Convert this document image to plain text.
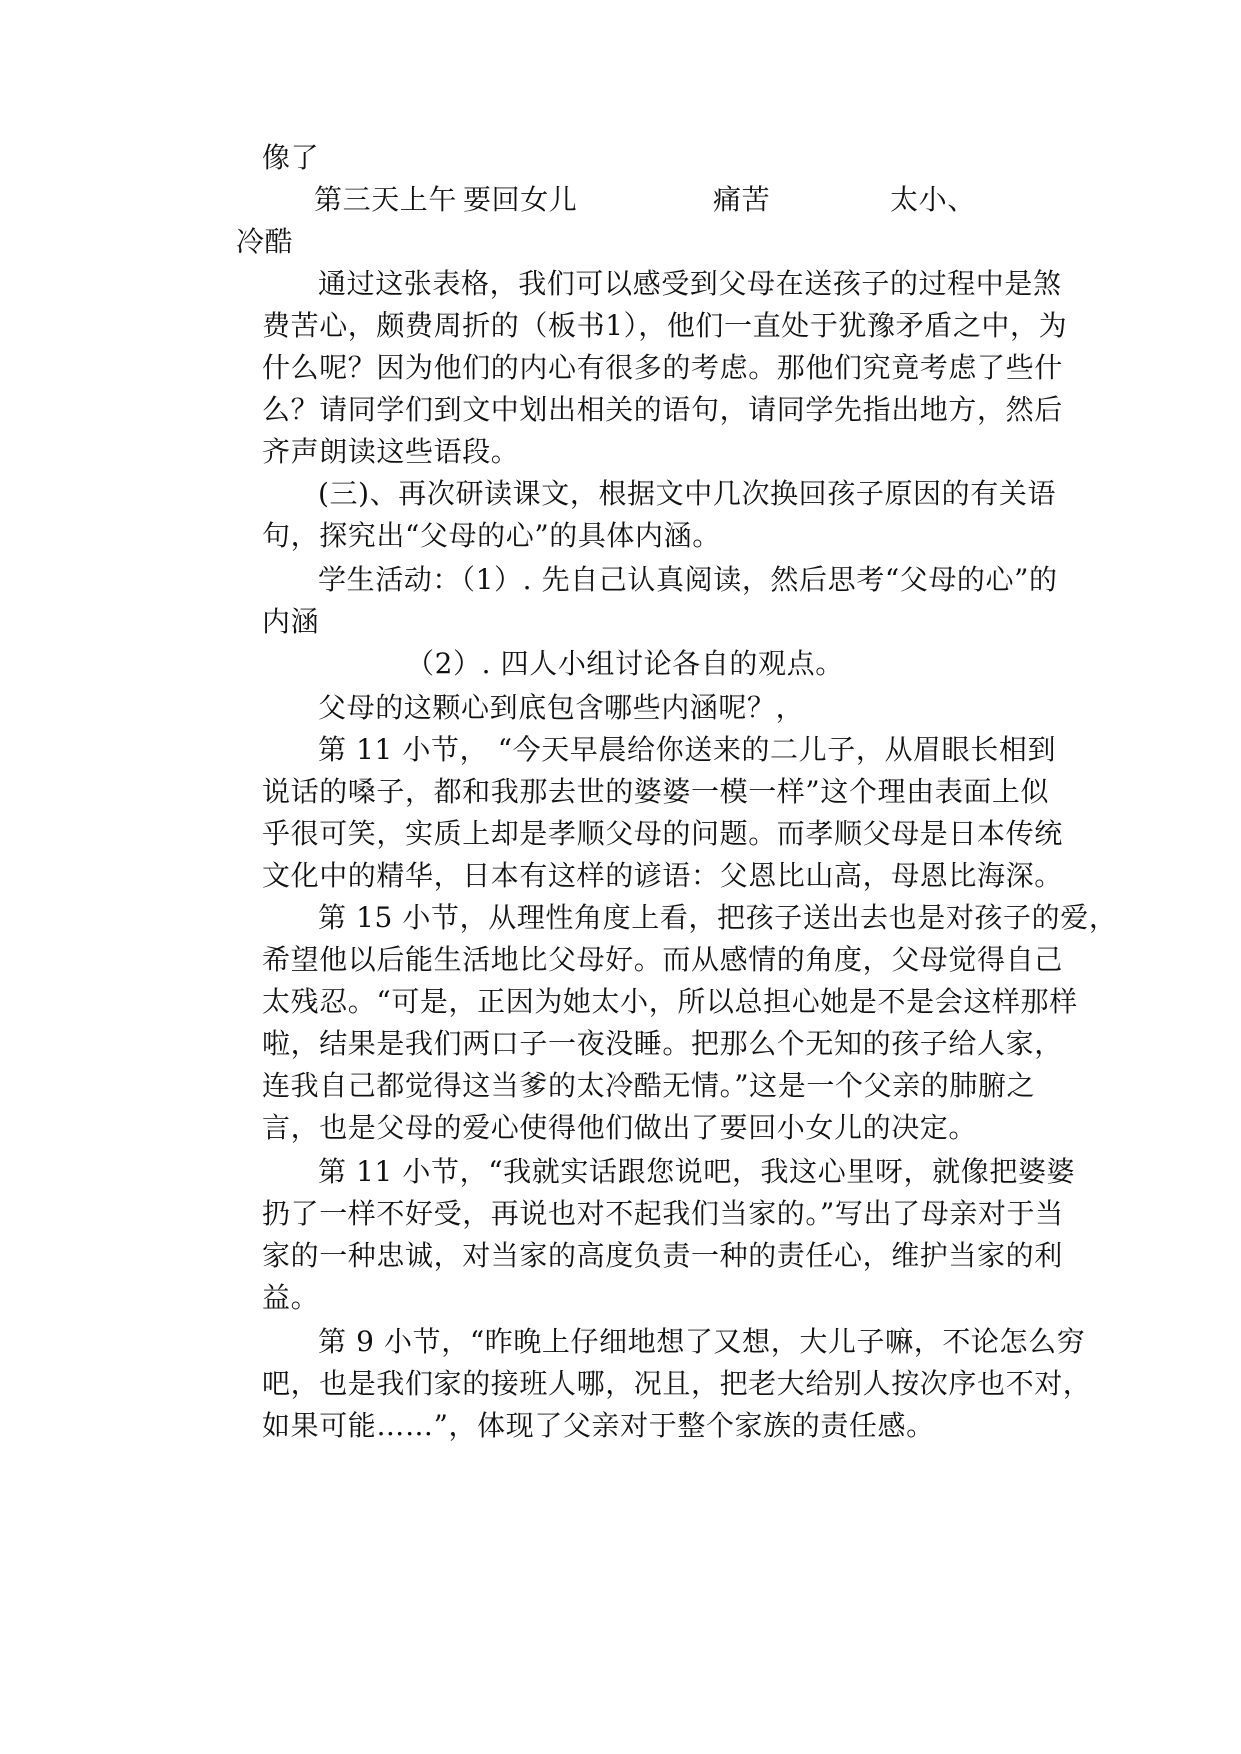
像了
第三天上午 要回女儿	痛苦	太小、
冷酷
通过这张表格，我们可以感受到父母在送孩子的过程中是煞
费苦心，颇费周折的（板书1），他们一直处于犹豫矛盾之中，为
什么呢？因为他们的内心有很多的考虑。那他们究竟考虑了些什
么？请同学们到文中划出相关的语句，请同学先指出地方，然后
齐声朗读这些语段。
(三)、再次研读课文，根据文中几次换回孩子原因的有关语
句，探究出“父母的心”的具体内涵。
学生活动：（1）. 先自己认真阅读，然后思考“父母的心”的
内涵
（2）. 四人小组讨论各自的观点。
父母的这颗心到底包含哪些内涵呢？，
第 11 小节， “今天早晨给你送来的二儿子，从眉眼长相到
说话的嗓子，都和我那去世的婆婆一模一样”这个理由表面上似
乎很可笑，实质上却是孝顺父母的问题。而孝顺父母是日本传统
文化中的精华，日本有这样的谚语：父恩比山高，母恩比海深。
第 15 小节，从理性角度上看，把孩子送出去也是对孩子的爱，
希望他以后能生活地比父母好。而从感情的角度，父母觉得自己
太残忍。“可是，正因为她太小，所以总担心她是不是会这样那样
啦，结果是我们两口子一夜没睡。把那么个无知的孩子给人家，
连我自己都觉得这当爹的太冷酷无情。”这是一个父亲的肺腑之
言，也是父母的爱心使得他们做出了要回小女儿的决定。
第 11 小节，“我就实话跟您说吧，我这心里呀，就像把婆婆
扔了一样不好受，再说也对不起我们当家的。”写出了母亲对于当
家的一种忠诚，对当家的高度负责一种的责任心，维护当家的利
益。
第 9 小节，“昨晚上仔细地想了又想，大儿子嘛，不论怎么穷
吧，也是我们家的接班人哪，况且，把老大给别人按次序也不对，
如果可能……”，体现了父亲对于整个家族的责任感。
